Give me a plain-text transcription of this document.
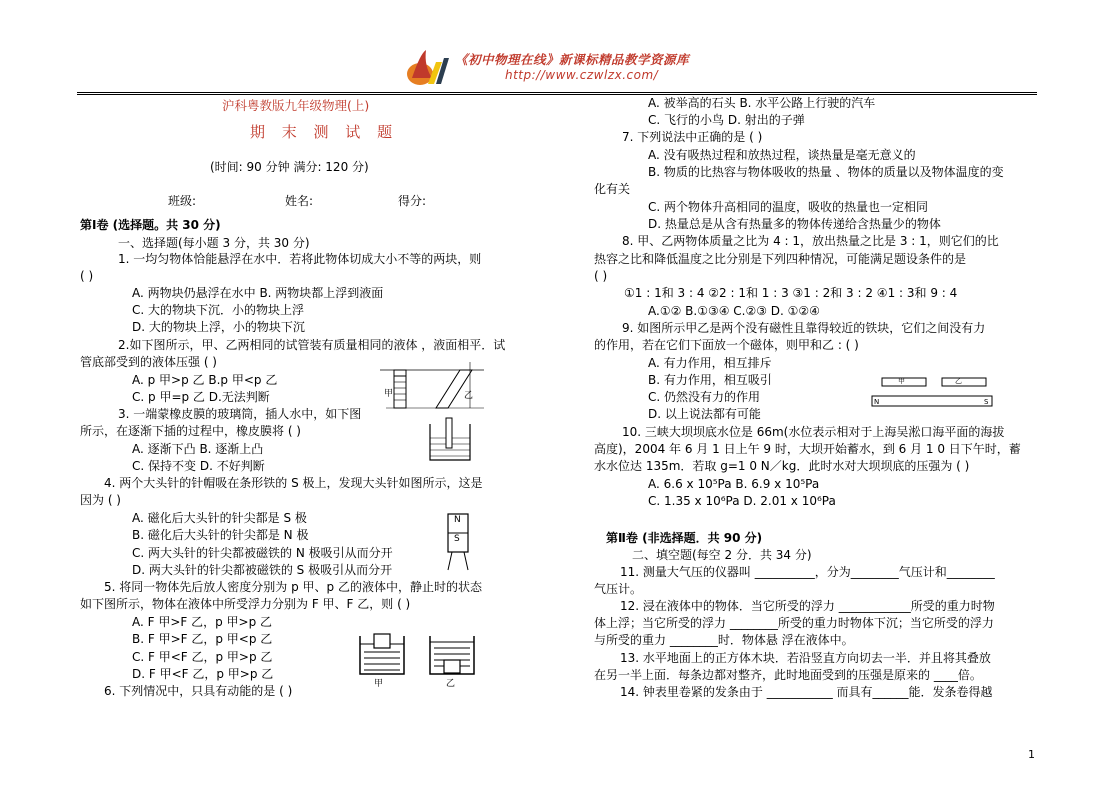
《初中物理在线》新课标精品教学资源库
http://www.czwlzx.com/
沪科粤教版九年级物理(上)
期 末 测 试 题
(时间: 90 分钟 满分: 120 分)
班级:	姓名:	得分:
第Ⅰ卷 (选择题。共 30 分)
一、选择题(每小题 3 分，共 30 分)
1. 一均匀物体恰能悬浮在水中．若将此物体切成大小不等的两块，则
( )
A. 两物块仍悬浮在水中 B. 两物块都上浮到液面
C. 大的物块下沉．小的物块上浮
D. 大的物块上浮，小的物块下沉
2.如下图所示，甲、乙两相同的试管装有质量相同的液体 ，液面相平．试
管底部受到的液体压强 ( )
A. p 甲>p 乙 B.p 甲<p 乙
C. p 甲=p 乙 D.无法判断
3. 一端蒙橡皮膜的玻璃筒，插人水中，如下图
所示，在逐渐下插的过程中，橡皮膜将 ( )
A. 逐渐下凸 B. 逐渐上凸
C. 保持不变 D. 不好判断
4. 两个大头针的针帽吸在条形铁的 S 极上，发现大头针如图所示，这是
因为 ( )
A. 磁化后大头针的针尖都是 S 极
B. 磁化后大头针的针尖都是 N 极
C. 两大头针的针尖都被磁铁的 N 极吸引从而分开
D. 两大头针的针尖都被磁铁的 S 极吸引从而分开
5. 将同一物体先后放人密度分别为 p 甲、p 乙的液体中，静止时的状态
如下图所示，物体在液体中所受浮力分别为 F 甲、F 乙，则 ( )
A. F 甲>F 乙，p 甲>p 乙
B. F 甲>F 乙，p 甲<p 乙
C. F 甲<F 乙，p 甲>p 乙
D. F 甲<F 乙，p 甲>p 乙
6. 下列情况中，只具有动能的是 ( )
甲	乙
N
S
甲	乙
A. 被举高的石头 B. 水平公路上行驶的汽车
C. 飞行的小鸟 D. 射出的子弹
7. 下列说法中正确的是 ( )
A. 没有吸热过程和放热过程，谈热量是毫无意义的
B. 物质的比热容与物体吸收的热量 、物体的质量以及物体温度的变
化有关
C. 两个物体升高相同的温度，吸收的热量也一定相同
D. 热量总是从含有热量多的物体传递给含热量少的物体
8. 甲、乙两物体质量之比为 4 : 1，放出热量之比是 3 : 1，则它们的比
热容之比和降低温度之比分别是下列四种情况，可能满足题设条件的是
( )
①1 : 1和 3 : 4 ②2 : 1和 1 : 3 ③1 : 2和 3 : 2 ④1 : 3和 9 : 4
A.①② B.①③④ C.②③ D. ①②④
9. 如图所示甲乙是两个没有磁性且靠得较近的铁块，它们之间没有力
的作用，若在它们下面放一个磁体，则甲和乙 : ( )
A. 有力作用，相互排斥
B. 有力作用，相互吸引
C. 仍然没有力的作用
D. 以上说法都有可能
10. 三峡大坝坝底水位是 66m(水位表示相对于上海吴淞口海平面的海拔
高度)，2004 年 6 月 1 日上午 9 时，大坝开始蓄水，到 6 月 1 0 日下午时，蓄
水水位达 135m．若取 g=1 0 N／kg．此时水对大坝坝底的压强为 ( )
A. 6.6 x 10⁵Pa B. 6.9 x 10⁵Pa
C. 1.35 x 10⁶Pa D. 2.01 x 10⁶Pa
甲	乙
N	S
第Ⅱ卷 (非选择题．共 90 分)
二、填空题(每空 2 分．共 34 分)
11. 测量大气压的仪器叫 __________，分为________气压计和________
气压计。
12. 浸在液体中的物体．当它所受的浮力 ____________所受的重力时物
体上浮；当它所受的浮力 ________所受的重力时物体下沉；当它所受的浮力
与所受的重力 ________时．物体悬 浮在液体中。
13. 水平地面上的正方体木块．若沿竖直方向切去一半．并且将其叠放
在另一半上面．每条边都对整齐，此时地面受到的压强是原来的 ____倍。
14. 钟表里卷紧的发条由于 ___________ 而具有______能．发条卷得越
1
